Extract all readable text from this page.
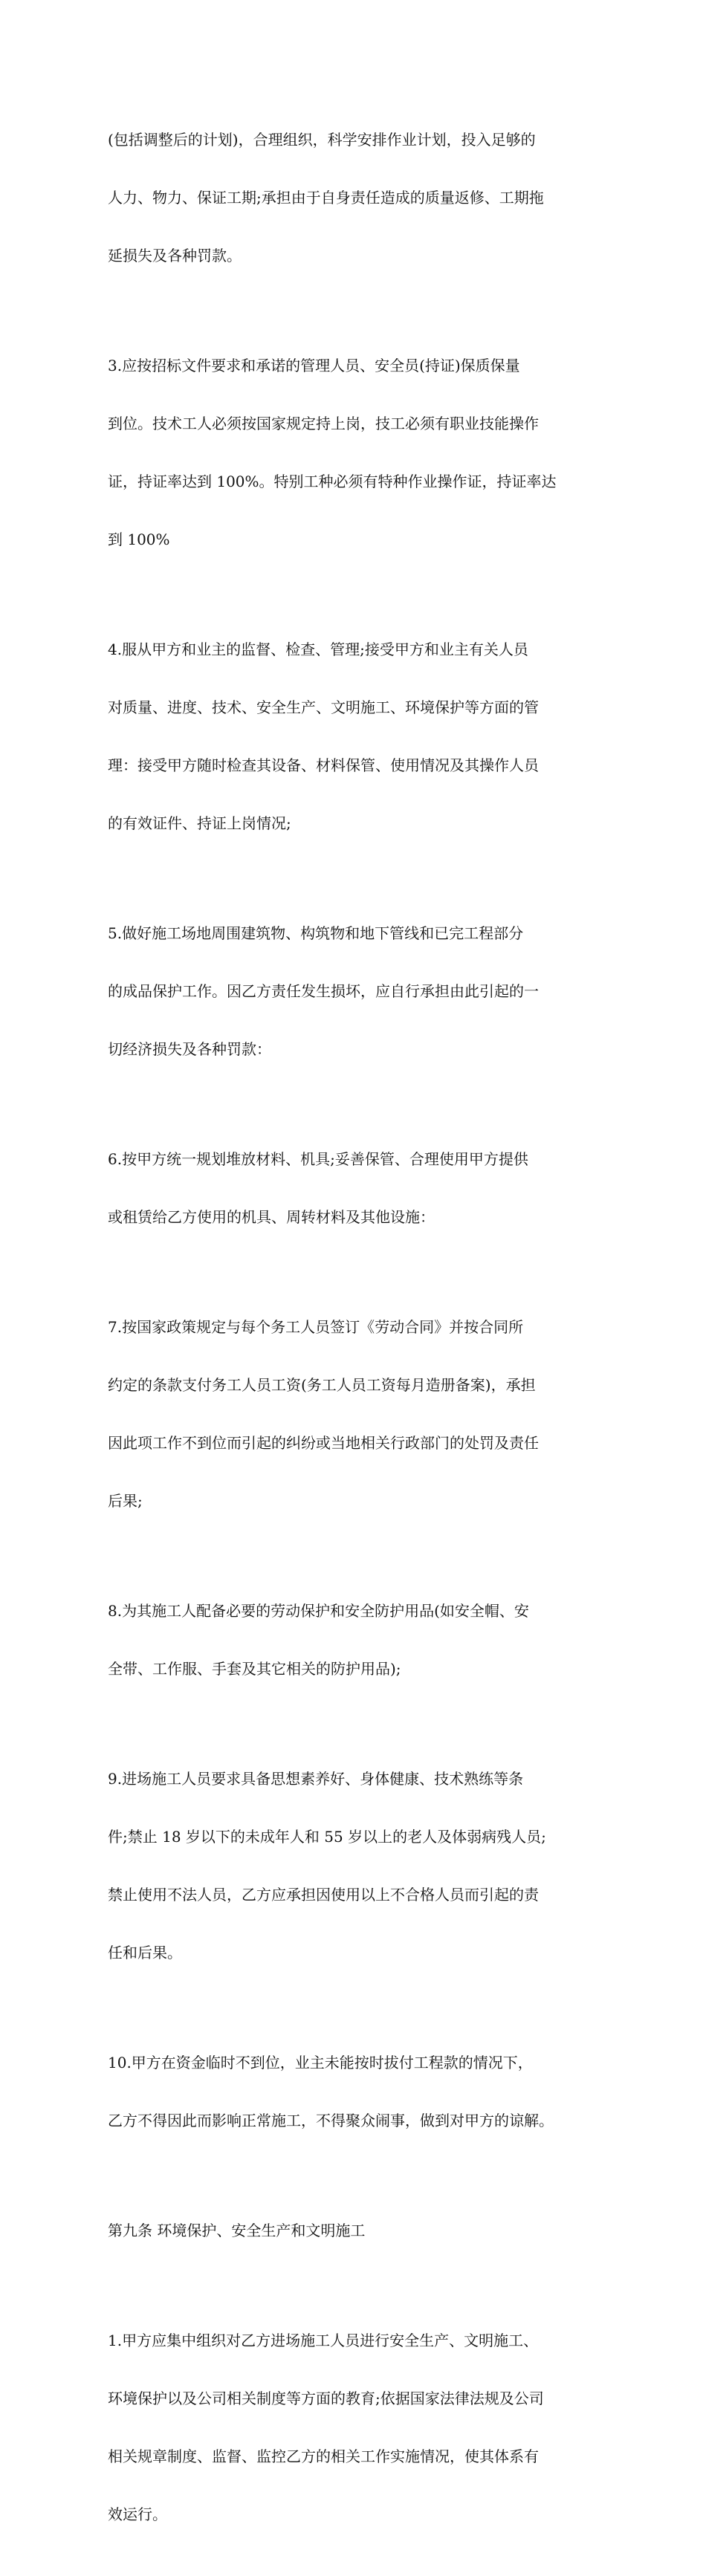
(包括调整后的计划)，合理组织，科学安排作业计划，投入足够的

人力、物力、保证工期;承担由于自身责任造成的质量返修、工期拖

延损失及各种罚款。

3.应按招标文件要求和承诺的管理人员、安全员(持证)保质保量

到位。技术工人必须按国家规定持上岗，技工必须有职业技能操作

证，持证率达到 100%。特别工种必须有特种作业操作证，持证率达

到 100%

4.服从甲方和业主的监督、检查、管理;接受甲方和业主有关人员

对质量、进度、技术、安全生产、文明施工、环境保护等方面的管

理：接受甲方随时检查其设备、材料保管、使用情况及其操作人员

的有效证件、持证上岗情况;

5.做好施工场地周围建筑物、构筑物和地下管线和已完工程部分

的成品保护工作。因乙方责任发生损坏，应自行承担由此引起的一

切经济损失及各种罚款：

6.按甲方统一规划堆放材料、机具;妥善保管、合理使用甲方提供

或租赁给乙方使用的机具、周转材料及其他设施：

7.按国家政策规定与每个务工人员签订《劳动合同》并按合同所

约定的条款支付务工人员工资(务工人员工资每月造册备案)，承担

因此项工作不到位而引起的纠纷或当地相关行政部门的处罚及责任

后果;

8.为其施工人配备必要的劳动保护和安全防护用品(如安全帽、安

全带、工作服、手套及其它相关的防护用品);

9.进场施工人员要求具备思想素养好、身体健康、技术熟练等条

件;禁止 18 岁以下的未成年人和 55 岁以上的老人及体弱病残人员;

禁止使用不法人员，乙方应承担因使用以上不合格人员而引起的责

任和后果。

10.甲方在资金临时不到位，业主未能按时拔付工程款的情况下，

乙方不得因此而影响正常施工，不得聚众闹事，做到对甲方的谅解。

第九条 环境保护、安全生产和文明施工

1.甲方应集中组织对乙方进场施工人员进行安全生产、文明施工、

环境保护以及公司相关制度等方面的教育;依据国家法律法规及公司

相关规章制度、监督、监控乙方的相关工作实施情况，使其体系有

效运行。
